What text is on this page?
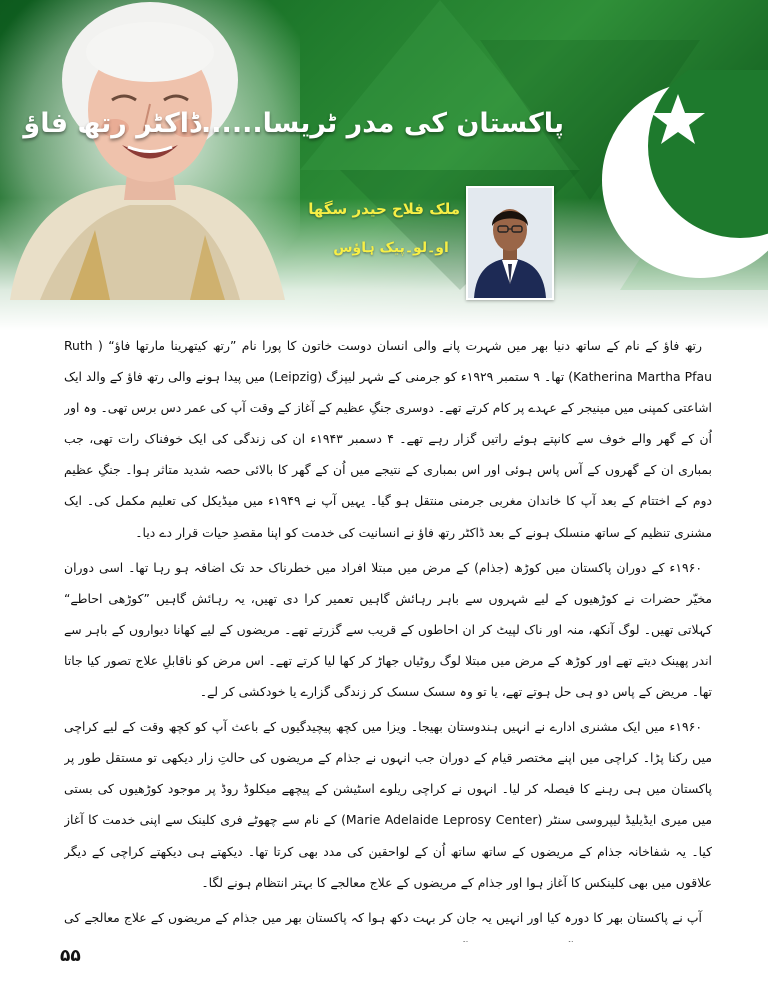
پاکستان کی مدر ٹریسا......ڈاکٹر رتھ فاؤ
ملک فلاح حیدر سگھا
او۔لو۔پیک ہاؤس

رتھ فاؤ کے نام کے ساتھ دنیا بھر میں شہرت پانے والی انسان دوست خاتون کا پورا نام ”رتھ کیتھرینا مارتھا فاؤ“ ( Ruth Katherina Martha Pfau) تھا۔ ۹ ستمبر ۱۹۲۹ء کو جرمنی کے شہر لیپزگ (Leipzig) میں پیدا ہونے والی رتھ فاؤ کے والد ایک اشاعتی کمپنی میں مینیجر کے عہدے پر کام کرتے تھے۔ دوسری جنگِ عظیم کے آغاز کے وقت آپ کی عمر دس برس تھی۔ وہ اور اُن کے گھر والے خوف سے کانپتے ہوئے راتیں گزار رہے تھے۔ ۴ دسمبر ۱۹۴۳ء ان کی زندگی کی ایک خوفناک رات تھی، جب بمباری ان کے گھروں کے آس پاس ہوئی اور اس بمباری کے نتیجے میں اُن کے گھر کا بالائی حصہ شدید متاثر ہوا۔ جنگِ عظیم دوم کے اختتام کے بعد آپ کا خاندان مغربی جرمنی منتقل ہو گیا۔ یہیں آپ نے ۱۹۴۹ء میں میڈیکل کی تعلیم مکمل کی۔ ایک مشنری تنظیم کے ساتھ منسلک ہونے کے بعد ڈاکٹر رتھ فاؤ نے انسانیت کی خدمت کو اپنا مقصدِ حیات قرار دے دیا۔

۱۹۶۰ء کے دوران پاکستان میں کوڑھ (جذام) کے مرض میں مبتلا افراد میں خطرناک حد تک اضافہ ہو رہا تھا۔ اسی دوران مخیّر حضرات نے کوڑھیوں کے لیے شہروں سے باہر رہائش گاہیں تعمیر کرا دی تھیں، یہ رہائش گاہیں ”کوڑھی احاطے“ کہلاتی تھیں۔ لوگ آنکھ، منہ اور ناک لپیٹ کر ان احاطوں کے قریب سے گزرتے تھے۔ مریضوں کے لیے کھانا دیواروں کے باہر سے اندر پھینک دیتے تھے اور کوڑھ کے مرض میں مبتلا لوگ روٹیاں جھاڑ کر کھا لیا کرتے تھے۔ اس مرض کو ناقابلِ علاج تصور کیا جاتا تھا۔ مریض کے پاس دو ہی حل ہوتے تھے، یا تو وہ سسک سسک کر زندگی گزارے یا خودکشی کر لے۔

۱۹۶۰ء میں ایک مشنری ادارے نے انہیں ہندوستان بھیجا۔ ویزا میں کچھ پیچیدگیوں کے باعث آپ کو کچھ وقت کے لیے کراچی میں رکنا پڑا۔ کراچی میں اپنے مختصر قیام کے دوران جب انہوں نے جذام کے مریضوں کی حالتِ زار دیکھی تو مستقل طور پر پاکستان میں ہی رہنے کا فیصلہ کر لیا۔ انہوں نے کراچی ریلوے اسٹیشن کے پیچھے میکلوڈ روڈ پر موجود کوڑھیوں کی بستی میں میری ایڈیلیڈ لیپروسی سنٹر (Marie Adelaide Leprosy Center) کے نام سے چھوٹے فری کلینک سے اپنی خدمت کا آغاز کیا۔ یہ شفاخانہ جذام کے مریضوں کے ساتھ ساتھ اُن کے لواحقین کی مدد بھی کرتا تھا۔ دیکھتے ہی دیکھتے کراچی کے دیگر علاقوں میں بھی کلینکس کا آغاز ہوا اور جذام کے مریضوں کے علاج معالجے کا بہتر انتظام ہونے لگا۔

آپ نے پاکستان بھر کا دورہ کیا اور انہیں یہ جان کر بہت دکھ ہوا کہ پاکستان بھر میں جذام کے مریضوں کے علاج معالجے کی

۵۵
